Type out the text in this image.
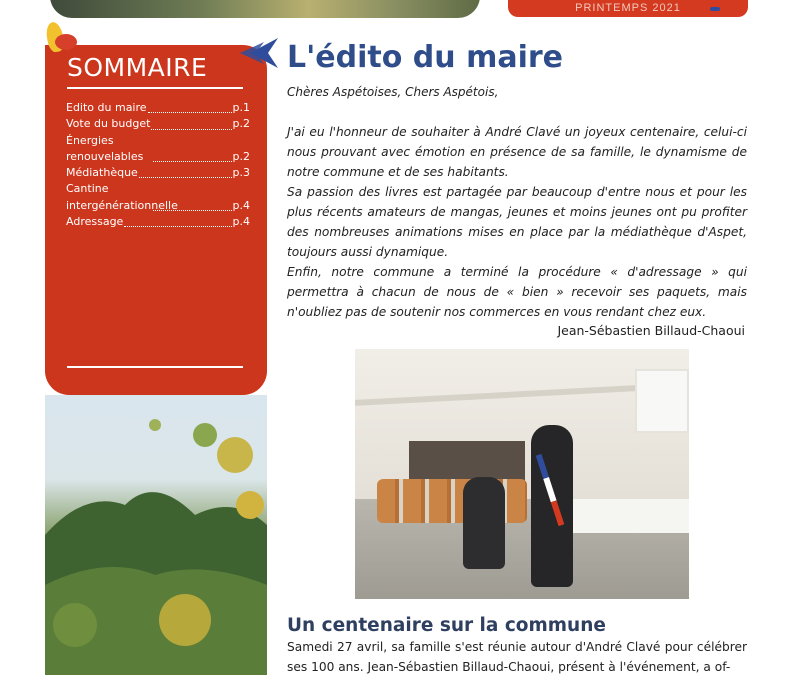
PRINTEMPS 2021
SOMMAIRE
Edito du maire	p.1
Vote du budget	p.2
Énergies renouvelables	p.2
Médiathèque	p.3
Cantine intergénérationnelle	p.4
Adressage	p.4
L'édito du maire
Chères Aspétoises, Chers Aspétois,

J'ai eu l'honneur de souhaiter à André Clavé un joyeux centenaire, celui-ci nous prouvant avec émotion en présence de sa famille, le dynamisme de notre commune et de ses habitants.

Sa passion des livres est partagée par beaucoup d'entre nous et pour les plus récents amateurs de mangas, jeunes et moins jeunes ont pu profiter des nombreuses animations mises en place par la médiathèque d'Aspet, toujours aussi dynamique.

Enfin, notre commune a terminé la procédure « d'adressage » qui permettra à chacun de nous de « bien » recevoir ses paquets, mais n'oubliez pas de soutenir nos commerces en vous rendant chez eux.

Jean-Sébastien Billaud-Chaoui
Un centenaire sur la commune
Samedi 27 avril, sa famille s'est réunie autour d'André Clavé pour célébrer ses 100 ans. Jean-Sébastien Billaud-Chaoui, présent à l'événement, a of-
